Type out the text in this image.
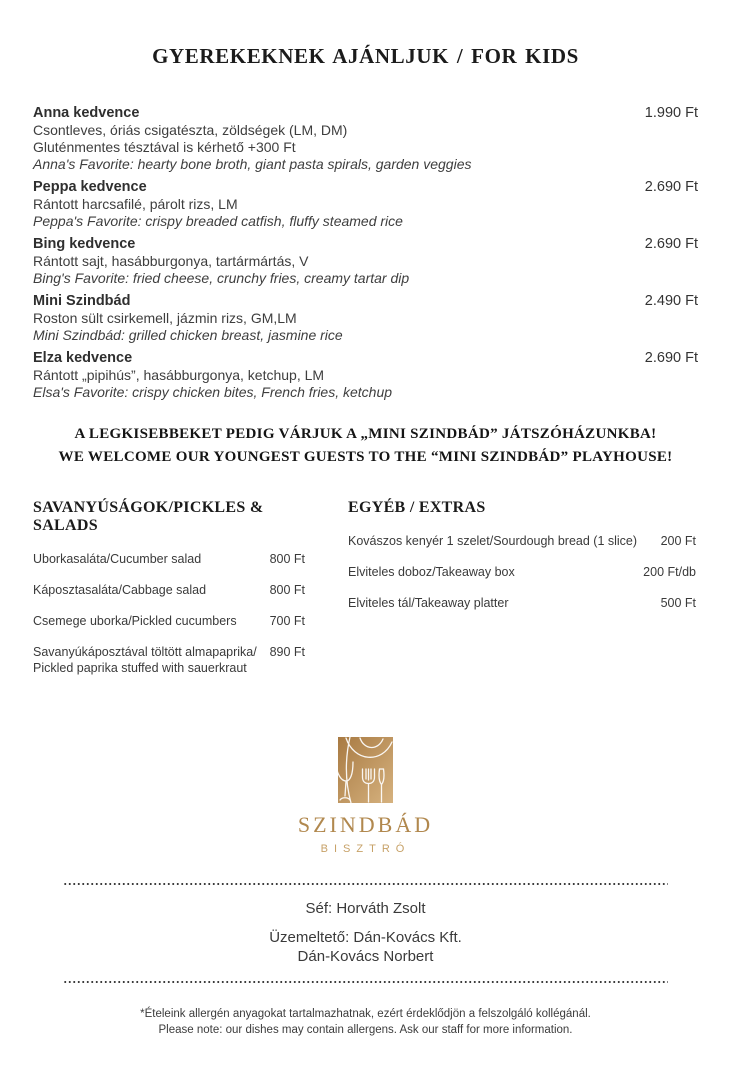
GYEREKEKNEK AJÁNLJUK / FOR KIDS
Anna kedvence	1.990 Ft
Csontleves, óriás csigatészta, zöldségek (LM, DM)
Gluténmentes tésztával is kérhető +300 Ft
Anna's Favorite: hearty bone broth, giant pasta spirals, garden veggies
Peppa kedvence	2.690 Ft
Rántott harcsafilé, párolt rizs, LM
Peppa's Favorite: crispy breaded catfish, fluffy steamed rice
Bing kedvence	2.690 Ft
Rántott sajt, hasábburgonya, tartármártás, V
Bing's Favorite: fried cheese, crunchy fries, creamy tartar dip
Mini Szindbád	2.490 Ft
Roston sült csirkemell, jázmin rizs, GM,LM
Mini Szindbád: grilled chicken breast, jasmine rice
Elza kedvence	2.690 Ft
Rántott „pipihús”, hasábburgonya, ketchup, LM
Elsa's Favorite: crispy chicken bites, French fries, ketchup
A LEGKISEBBEKET PEDIG VÁRJUK A „MINI SZINDBÁD” JÁTSZÓHÁZUNKBA!
WE WELCOME OUR YOUNGEST GUESTS TO THE “MINI SZINDBÁD” PLAYHOUSE!
SAVANYÚSÁGOK/PICKLES & SALADS
Uborkasaláta/Cucumber salad	800 Ft
Káposztasaláta/Cabbage salad	800 Ft
Csemege uborka/Pickled cucumbers	700 Ft
Savanyúkáposztával töltött almapaprika/ Pickled paprika stuffed with sauerkraut
890 Ft
EGYÉB / EXTRAS
Kovászos kenyér 1 szelet/Sourdough bread (1 slice)	200 Ft
Elviteles doboz/Takeaway box	200 Ft/db
Elviteles tál/Takeaway platter	500 Ft
SZINDBÁD
BISZTRÓ
Séf: Horváth Zsolt
Üzemeltető: Dán-Kovács Kft.
Dán-Kovács Norbert
*Ételeink allergén anyagokat tartalmazhatnak, ezért érdeklődjön a felszolgáló kollégánál.
Please note: our dishes may contain allergens. Ask our staff for more information.
